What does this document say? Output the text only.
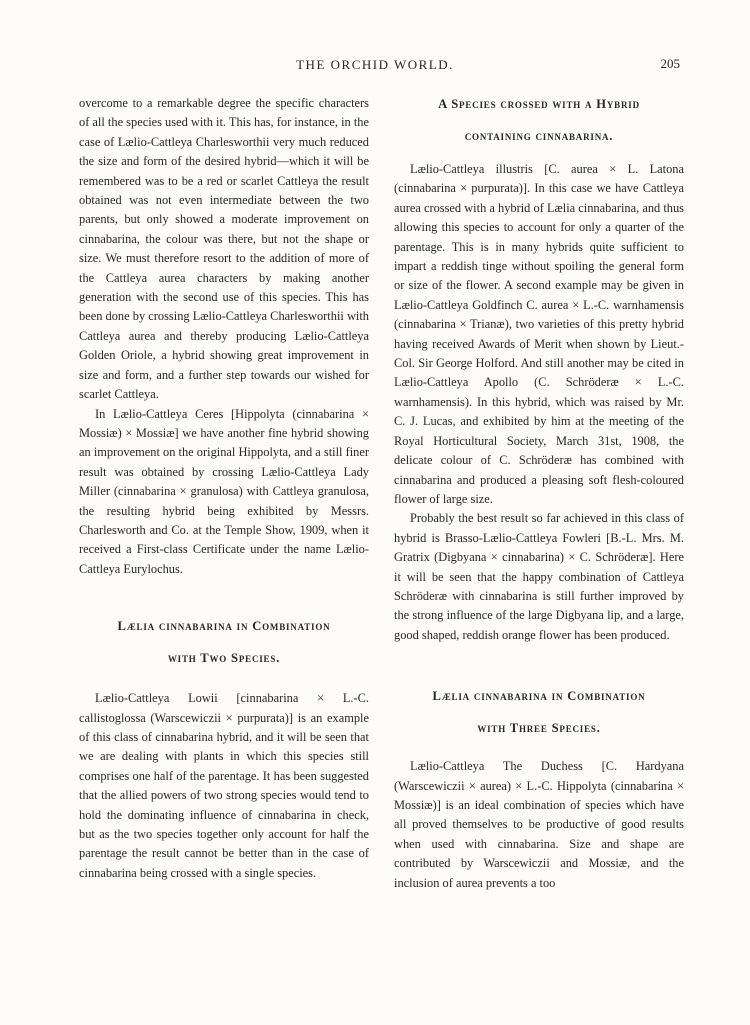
THE ORCHID WORLD.	205

overcome to a remarkable degree the specific characters of all the species used with it. This has, for instance, in the case of Lælio-Cattleya Charlesworthii very much reduced the size and form of the desired hybrid—which it will be remembered was to be a red or scarlet Cattleya the result obtained was not even intermediate between the two parents, but only showed a moderate improvement on cinnabarina, the colour was there, but not the shape or size. We must therefore resort to the addition of more of the Cattleya aurea characters by making another generation with the second use of this species. This has been done by crossing Lælio-Cattleya Charlesworthii with Cattleya aurea and thereby producing Lælio-Cattleya Golden Oriole, a hybrid showing great improvement in size and form, and a further step towards our wished for scarlet Cattleya.

In Lælio-Cattleya Ceres [Hippolyta (cinnabarina × Mossiæ) × Mossiæ] we have another fine hybrid showing an improvement on the original Hippolyta, and a still finer result was obtained by crossing Lælio-Cattleya Lady Miller (cinnabarina × granulosa) with Cattleya granulosa, the resulting hybrid being exhibited by Messrs. Charlesworth and Co. at the Temple Show, 1909, when it received a First-class Certificate under the name Lælio-Cattleya Eurylochus.

Lælia cinnabarina in Combination
with Two Species.

Lælio-Cattleya Lowii [cinnabarina × L.-C. callistoglossa (Warscewiczii × purpurata)] is an example of this class of cinnabarina hybrid, and it will be seen that we are dealing with plants in which this species still comprises one half of the parentage. It has been suggested that the allied powers of two strong species would tend to hold the dominating influence of cinnabarina in check, but as the two species together only account for half the parentage the result cannot be better than in the case of cinnabarina being crossed with a single species.

A Species crossed with a Hybrid
containing cinnabarina.

Lælio-Cattleya illustris [C. aurea × L. Latona (cinnabarina × purpurata)]. In this case we have Cattleya aurea crossed with a hybrid of Lælia cinnabarina, and thus allowing this species to account for only a quarter of the parentage. This is in many hybrids quite sufficient to impart a reddish tinge without spoiling the general form or size of the flower. A second example may be given in Lælio-Cattleya Goldfinch C. aurea × L.-C. warnhamensis (cinnabarina × Trianæ), two varieties of this pretty hybrid having received Awards of Merit when shown by Lieut.-Col. Sir George Holford. And still another may be cited in Lælio-Cattleya Apollo (C. Schröderæ × L.-C. warnhamensis). In this hybrid, which was raised by Mr. C. J. Lucas, and exhibited by him at the meeting of the Royal Horticultural Society, March 31st, 1908, the delicate colour of C. Schröderæ has combined with cinnabarina and produced a pleasing soft flesh-coloured flower of large size.

Probably the best result so far achieved in this class of hybrid is Brasso-Lælio-Cattleya Fowleri [B.-L. Mrs. M. Gratrix (Digbyana × cinnabarina) × C. Schröderæ]. Here it will be seen that the happy combination of Cattleya Schröderæ with cinnabarina is still further improved by the strong influence of the large Digbyana lip, and a large, good shaped, reddish orange flower has been produced.

Lælia cinnabarina in Combination
with Three Species.

Lælio-Cattleya The Duchess [C. Hardyana (Warscewiczii × aurea) × L.-C. Hippolyta (cinnabarina × Mossiæ)] is an ideal combination of species which have all proved themselves to be productive of good results when used with cinnabarina. Size and shape are contributed by Warscewiczii and Mossiæ, and the inclusion of aurea prevents a too
